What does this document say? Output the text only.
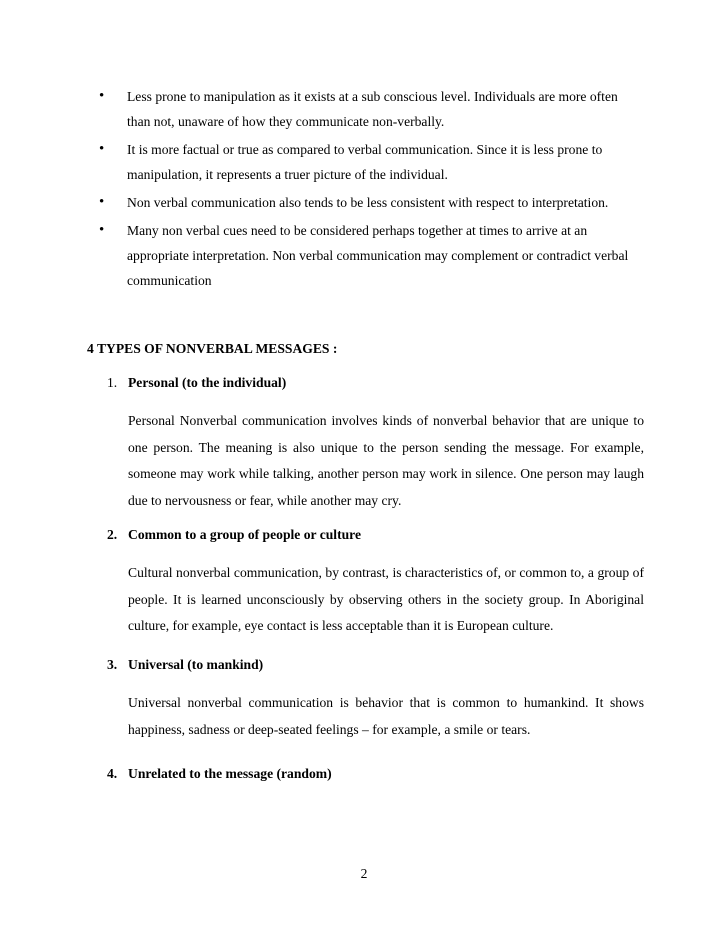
• Less prone to manipulation as it exists at a sub conscious level. Individuals are more often than not, unaware of how they communicate non-verbally.
• It is more factual or true as compared to verbal communication. Since it is less prone to manipulation, it represents a truer picture of the individual.
• Non verbal communication also tends to be less consistent with respect to interpretation.
• Many non verbal cues need to be considered perhaps together at times to arrive at an appropriate interpretation. Non verbal communication may complement or contradict verbal communication
4 TYPES OF NONVERBAL MESSAGES :
1. Personal (to the individual)
Personal Nonverbal communication involves kinds of nonverbal behavior that are unique to one person. The meaning is also unique to the person sending the message. For example, someone may work while talking, another person may work in silence. One person may laugh due to nervousness or fear, while another may cry.
2. Common to a group of people or culture
Cultural nonverbal communication, by contrast, is characteristics of, or common to, a group of people. It is learned unconsciously by observing others in the society group. In Aboriginal culture, for example, eye contact is less acceptable than it is European culture.
3. Universal (to mankind)
Universal nonverbal communication is behavior that is common to humankind. It shows happiness, sadness or deep-seated feelings – for example, a smile or tears.
4. Unrelated to the message (random)
2
